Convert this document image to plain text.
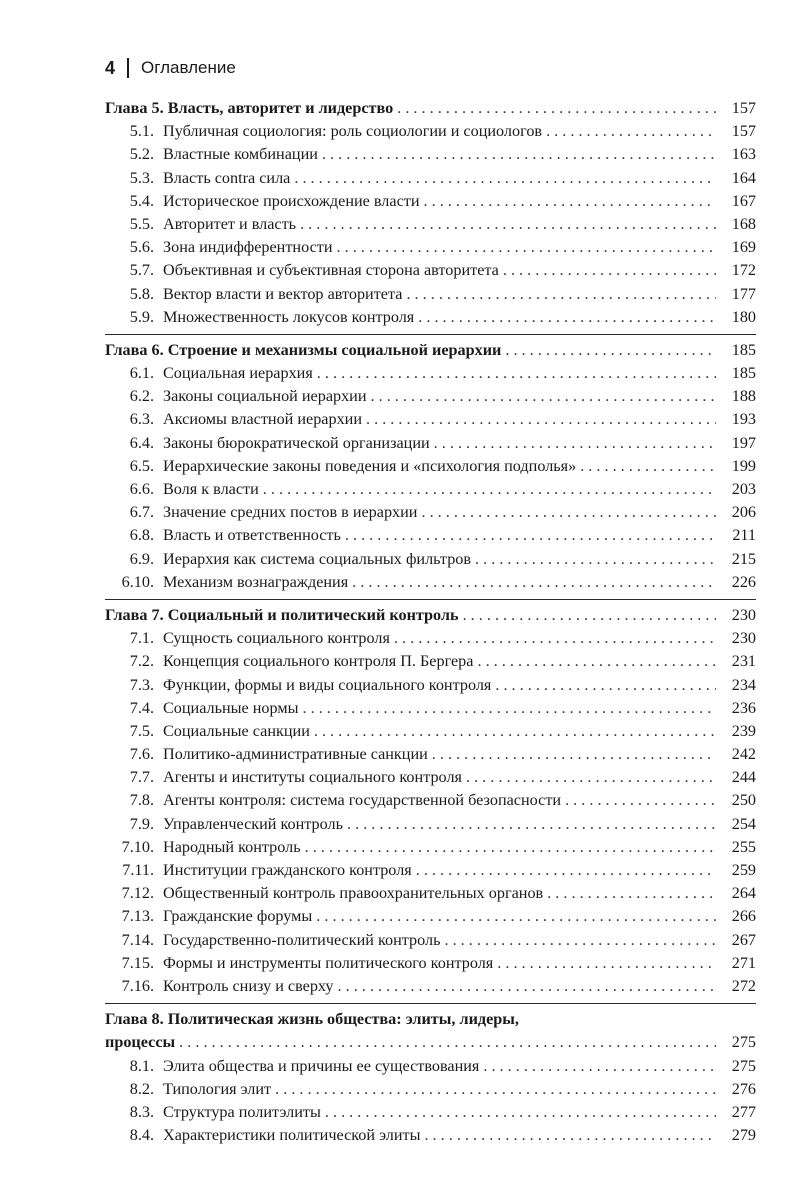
4 Оглавление
Глава 5. Власть, авторитет и лидерство . . .	157
5.1. Публичная социология: роль социологии и социологов . . .	157
5.2. Властные комбинации . . .	163
5.3. Власть contra сила . . .	164
5.4. Историческое происхождение власти . . .	167
5.5. Авторитет и власть . . .	168
5.6. Зона индифферентности . . .	169
5.7. Объективная и субъективная сторона авторитета . . .	172
5.8. Вектор власти и вектор авторитета . . .	177
5.9. Множественность локусов контроля . . .	180
Глава 6. Строение и механизмы социальной иерархии . . .	185
6.1. Социальная иерархия . . .	185
6.2. Законы социальной иерархии . . .	188
6.3. Аксиомы властной иерархии . . .	193
6.4. Законы бюрократической организации . . .	197
6.5. Иерархические законы поведения и «психология подполья» . . .	199
6.6. Воля к власти . . .	203
6.7. Значение средних постов в иерархии . . .	206
6.8. Власть и ответственность . . .	211
6.9. Иерархия как система социальных фильтров . . .	215
6.10. Механизм вознаграждения . . .	226
Глава 7. Социальный и политический контроль . . .	230
7.1. Сущность социального контроля . . .	230
7.2. Концепция социального контроля П. Бергера . . .	231
7.3. Функции, формы и виды социального контроля . . .	234
7.4. Социальные нормы . . .	236
7.5. Социальные санкции . . .	239
7.6. Политико-административные санкции . . .	242
7.7. Агенты и институты социального контроля . . .	244
7.8. Агенты контроля: система государственной безопасности . . .	250
7.9. Управленческий контроль . . .	254
7.10. Народный контроль . . .	255
7.11. Институции гражданского контроля . . .	259
7.12. Общественный контроль правоохранительных органов . . .	264
7.13. Гражданские форумы . . .	266
7.14. Государственно-политический контроль . . .	267
7.15. Формы и инструменты политического контроля . . .	271
7.16. Контроль снизу и сверху . . .	272
Глава 8. Политическая жизнь общества: элиты, лидеры,
процессы . . .	275
8.1. Элита общества и причины ее существования . . .	275
8.2. Типология элит . . .	276
8.3. Структура политэлиты . . .	277
8.4. Характеристики политической элиты . . .	279
